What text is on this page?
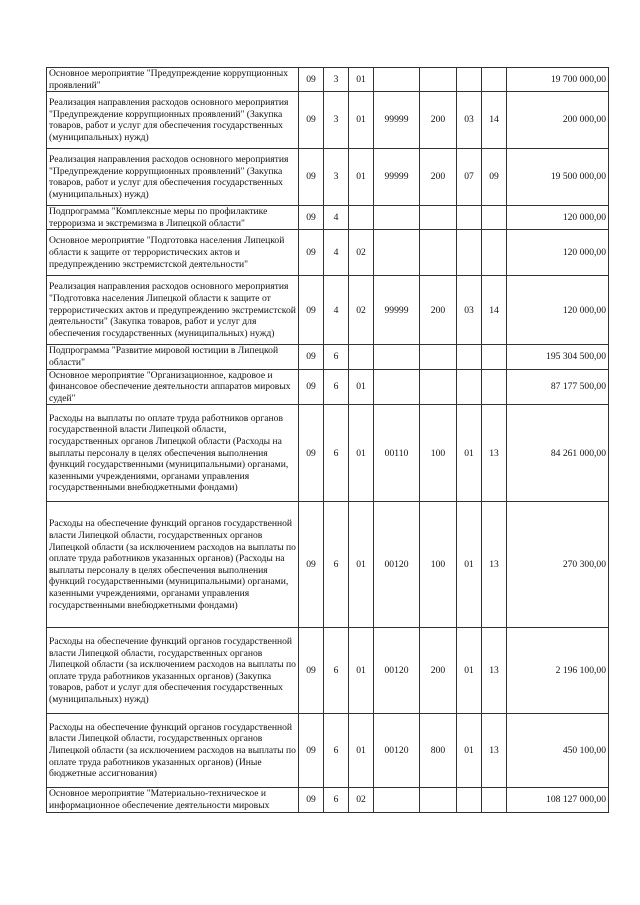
Основное мероприятие "Предупреждение коррупционных проявлений"	09	3	01					19 700 000,00
Реализация направления расходов основного мероприятия "Предупреждение коррупционных проявлений" (Закупка товаров, работ и услуг для обеспечения государственных (муниципальных) нужд)	09	3	01	99999	200	03	14	200 000,00
Реализация направления расходов основного мероприятия "Предупреждение коррупционных проявлений" (Закупка товаров, работ и услуг для обеспечения государственных (муниципальных) нужд)	09	3	01	99999	200	07	09	19 500 000,00
Подпрограмма "Комплексные меры по профилактике терроризма и экстремизма в Липецкой области"	09	4						120 000,00
Основное мероприятие "Подготовка населения Липецкой области к защите от террористических актов и предупреждению экстремистской деятельности"	09	4	02					120 000,00
Реализация направления расходов основного мероприятия "Подготовка населения Липецкой области к защите от террористических актов и предупреждению экстремистской деятельности" (Закупка товаров, работ и услуг для обеспечения государственных (муниципальных) нужд)	09	4	02	99999	200	03	14	120 000,00
Подпрограмма "Развитие мировой юстиции в Липецкой области"	09	6						195 304 500,00
Основное мероприятие "Организационное, кадровое и финансовое обеспечение деятельности аппаратов мировых судей"	09	6	01					87 177 500,00
Расходы на выплаты по оплате труда работников органов государственной власти Липецкой области, государственных органов Липецкой области (Расходы на выплаты персоналу в целях обеспечения выполнения функций государственными (муниципальными) органами, казенными учреждениями, органами управления государственными внебюджетными фондами)	09	6	01	00110	100	01	13	84 261 000,00
Расходы на обеспечение функций органов государственной власти Липецкой области, государственных органов Липецкой области (за исключением расходов на выплаты по оплате труда работников указанных органов) (Расходы на выплаты персоналу в целях обеспечения выполнения функций государственными (муниципальными) органами, казенными учреждениями, органами управления государственными внебюджетными фондами)	09	6	01	00120	100	01	13	270 300,00
Расходы на обеспечение функций органов государственной власти Липецкой области, государственных органов Липецкой области (за исключением расходов на выплаты по оплате труда работников указанных органов) (Закупка товаров, работ и услуг для обеспечения государственных (муниципальных) нужд)	09	6	01	00120	200	01	13	2 196 100,00
Расходы на обеспечение функций органов государственной власти Липецкой области, государственных органов Липецкой области (за исключением расходов на выплаты по оплате труда работников указанных органов) (Иные бюджетные ассигнования)	09	6	01	00120	800	01	13	450 100,00
Основное мероприятие "Материально-техническое и информационное обеспечение деятельности мировых	09	6	02					108 127 000,00
